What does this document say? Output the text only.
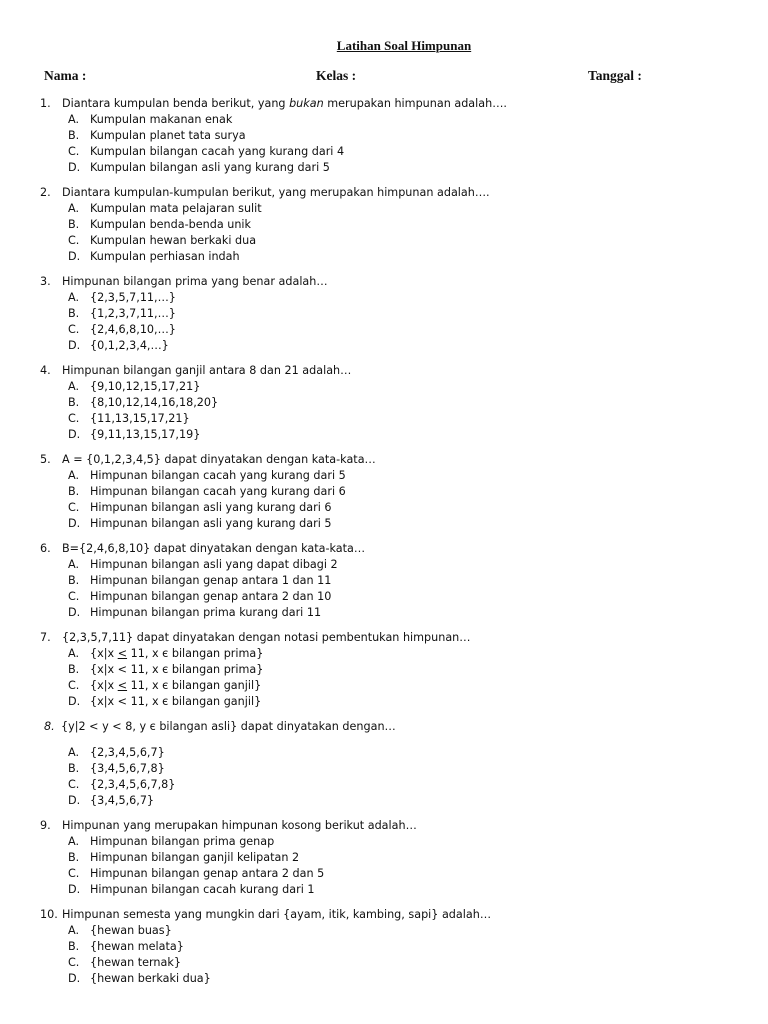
Latihan Soal Himpunan
Nama :	Kelas :	Tanggal :
1.	Diantara kumpulan benda berikut, yang bukan merupakan himpunan adalah….
A. Kumpulan makanan enak
B. Kumpulan planet tata surya
C. Kumpulan bilangan cacah yang kurang dari 4
D. Kumpulan bilangan asli yang kurang dari 5
2.	Diantara kumpulan-kumpulan berikut, yang merupakan himpunan adalah….
A. Kumpulan mata pelajaran sulit
B. Kumpulan benda-benda unik
C. Kumpulan hewan berkaki dua
D. Kumpulan perhiasan indah
3.	Himpunan bilangan prima yang benar adalah…
A. {2,3,5,7,11,…}
B. {1,2,3,7,11,…}
C. {2,4,6,8,10,…}
D. {0,1,2,3,4,…}
4.	Himpunan bilangan ganjil antara 8 dan 21 adalah…
A. {9,10,12,15,17,21}
B. {8,10,12,14,16,18,20}
C. {11,13,15,17,21}
D. {9,11,13,15,17,19}
5.	A = {0,1,2,3,4,5} dapat dinyatakan dengan kata-kata…
A. Himpunan bilangan cacah yang kurang dari 5
B. Himpunan bilangan cacah yang kurang dari 6
C. Himpunan bilangan asli yang kurang dari 6
D. Himpunan bilangan asli yang kurang dari 5
6.	B={2,4,6,8,10} dapat dinyatakan dengan kata-kata…
A. Himpunan bilangan asli yang dapat dibagi 2
B. Himpunan bilangan genap antara 1 dan 11
C. Himpunan bilangan genap antara 2 dan 10
D. Himpunan bilangan prima kurang dari 11
7.	{2,3,5,7,11} dapat dinyatakan dengan notasi pembentukan himpunan…
A. {x|x < 11, x є bilangan prima}
B. {x|x < 11, x є bilangan prima}
C. {x|x < 11, x є bilangan ganjil}
D. {x|x < 11, x є bilangan ganjil}
8. {y|2 < y < 8, y є bilangan asli} dapat dinyatakan dengan…
A. {2,3,4,5,6,7}
B. {3,4,5,6,7,8}
C. {2,3,4,5,6,7,8}
D. {3,4,5,6,7}
9.	Himpunan yang merupakan himpunan kosong berikut adalah…
A. Himpunan bilangan prima genap
B. Himpunan bilangan ganjil kelipatan 2
C. Himpunan bilangan genap antara 2 dan 5
D. Himpunan bilangan cacah kurang dari 1
10. Himpunan semesta yang mungkin dari {ayam, itik, kambing, sapi} adalah…
A. {hewan buas}
B. {hewan melata}
C. {hewan ternak}
D. {hewan berkaki dua}
